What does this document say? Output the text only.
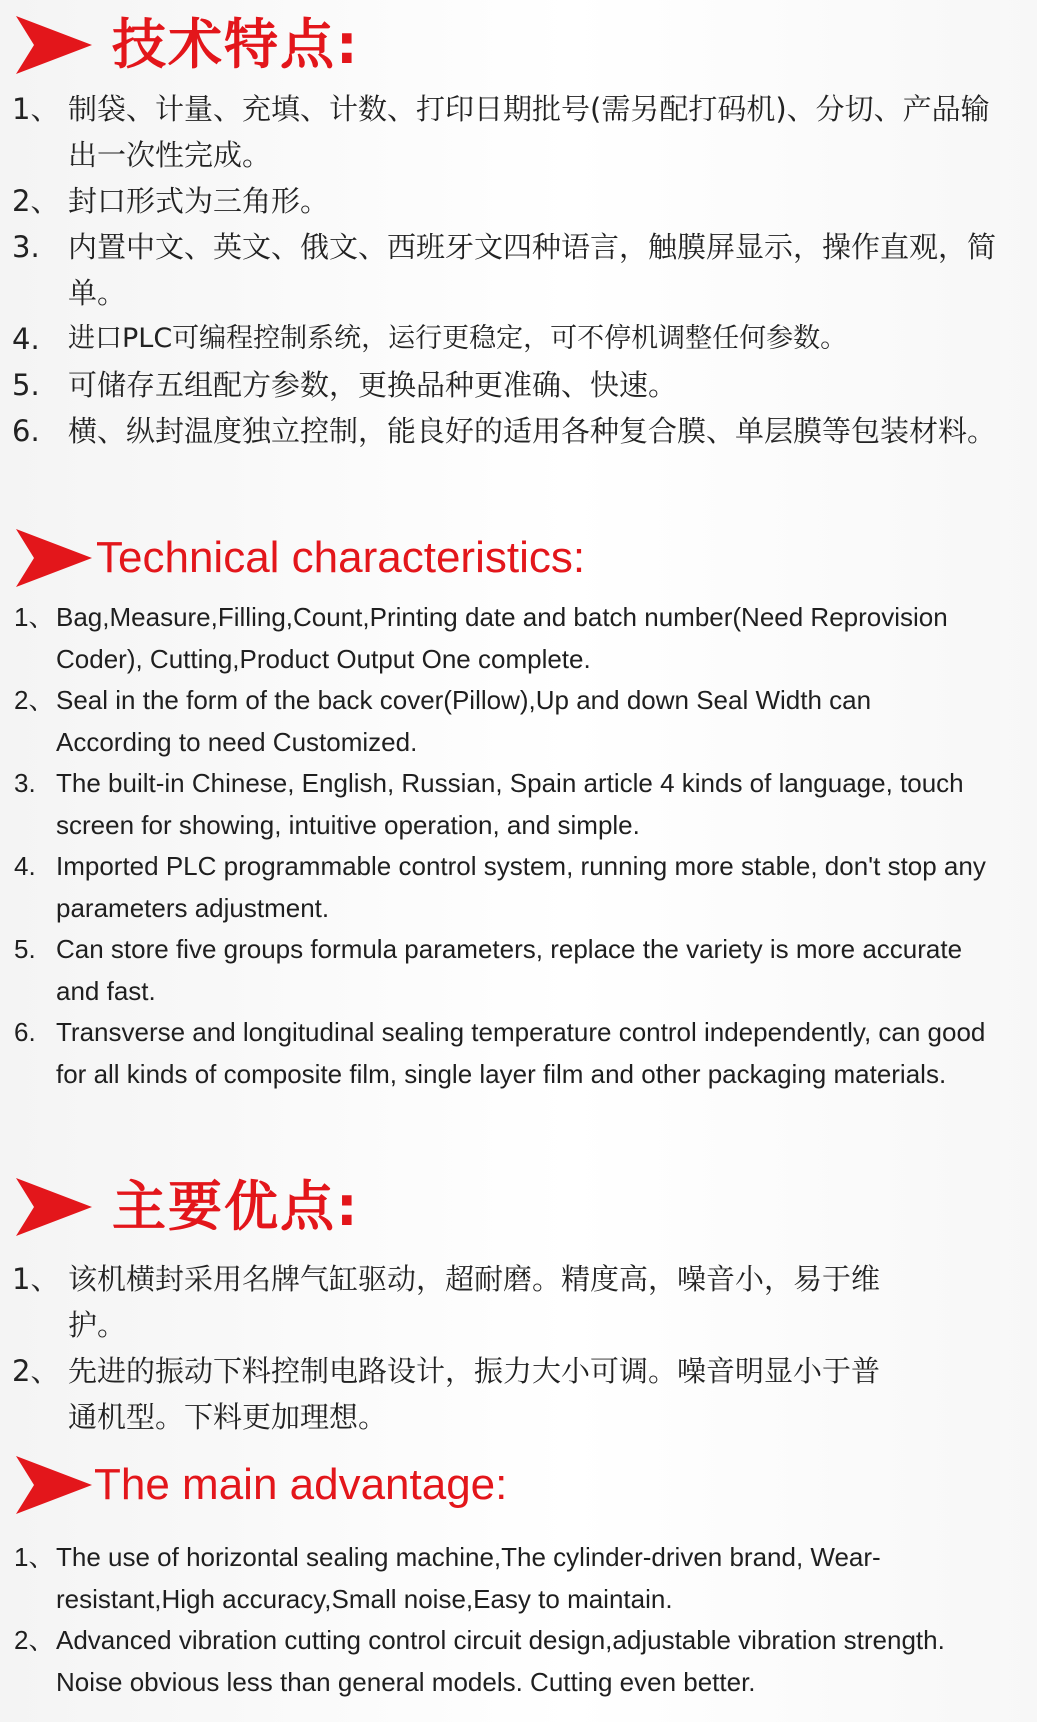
技术特点:
1、 制袋、计量、充填、计数、打印日期批号(需另配打码机)、分切、产品输出一次性完成。
2、 封口形式为三角形。
3. 内置中文、英文、俄文、西班牙文四种语言，触膜屏显示，操作直观，简单。
4.	进口PLC可编程控制系统，运行更稳定，可不停机调整任何参数。
5. 可储存五组配方参数，更换品种更准确、快速。
6. 横、纵封温度独立控制，能良好的适用各种复合膜、单层膜等包装材料。
Technical characteristics:
1、 Bag,Measure,Filling,Count,Printing date and batch number(Need Reprovision Coder), Cutting,Product Output One complete.
2、 Seal in the form of the back cover(Pillow),Up and down Seal Width can According to need Customized.
3. The built-in Chinese, English, Russian, Spain article 4 kinds of language, touch screen for showing, intuitive operation, and simple.
4. Imported PLC programmable control system, running more stable, don't stop any parameters adjustment.
5. Can store five groups formula parameters, replace the variety is more accurate and fast.
6. Transverse and longitudinal sealing temperature control independently, can good for all kinds of composite film, single layer film and other packaging materials.
主要优点:
1、 该机横封采用名牌气缸驱动，超耐磨。精度高，噪音小，易于维护。
2、 先进的振动下料控制电路设计，振力大小可调。噪音明显小于普通机型。下料更加理想。
The main advantage:
1、 The use of horizontal sealing machine,The cylinder-driven brand, Wear-resistant,High accuracy,Small noise,Easy to maintain.
2、 Advanced vibration cutting control circuit design,adjustable vibration strength. Noise obvious less than general models. Cutting even better.
